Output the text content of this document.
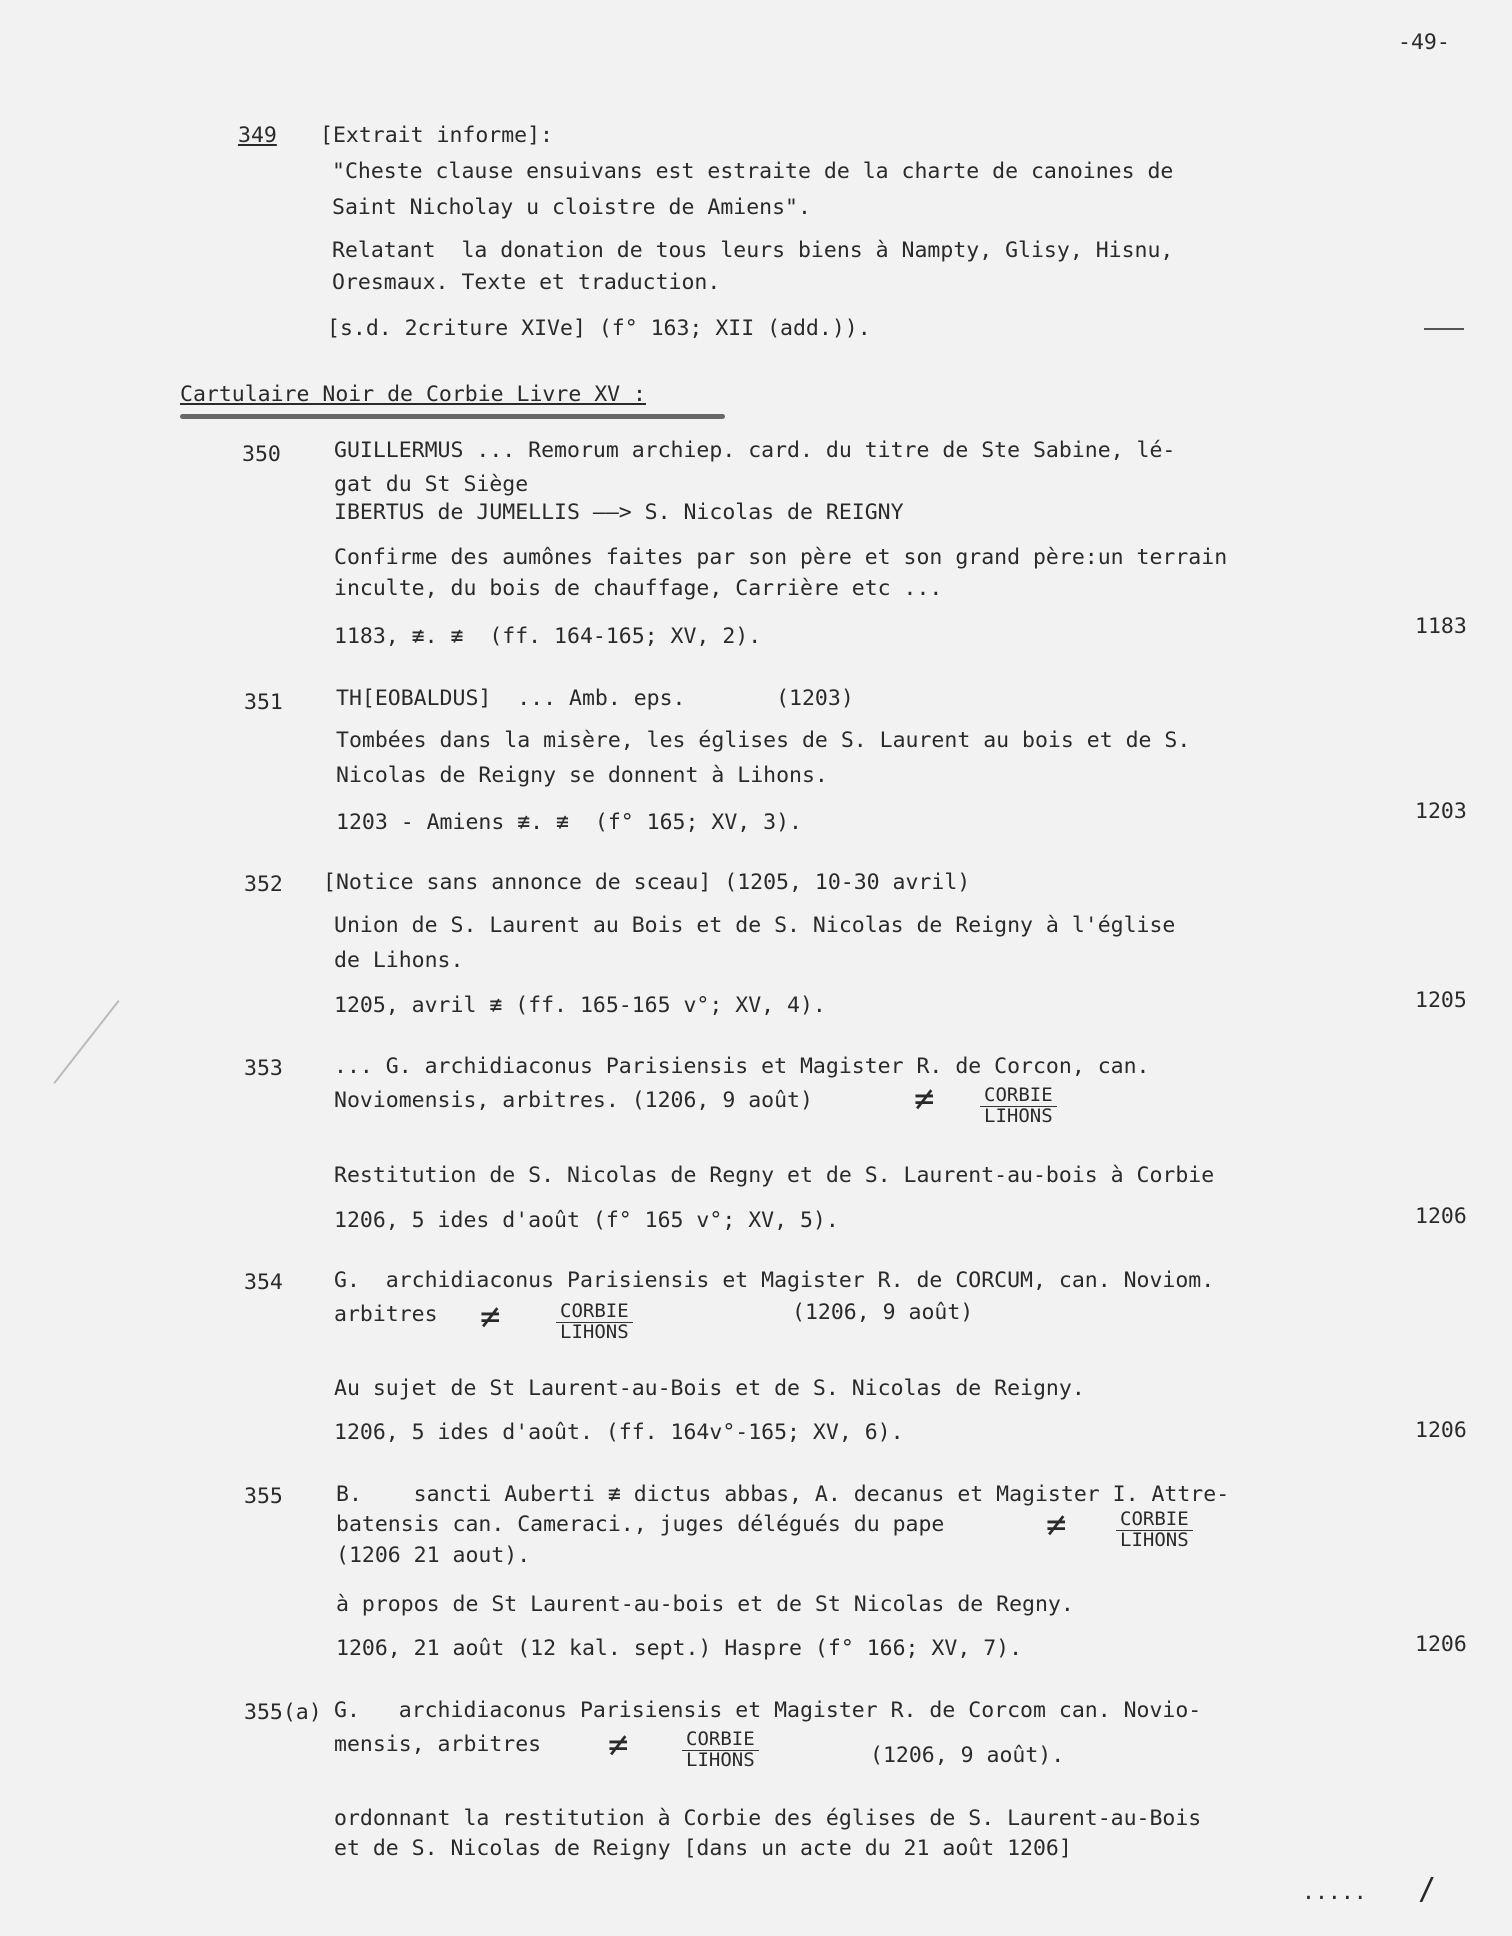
-49-
349 [Extrait informe]:
"Cheste clause ensuivans est estraite de la charte de canoines de
Saint Nicholay u cloistre de Amiens".
Relatant  la donation de tous leurs biens à Nampty, Glisy, Hisnu,
Oresmaux. Texte et traduction.
[s.d. 2criture XIVe] (f° 163; XII (add.)).
Cartulaire Noir de Corbie Livre XV :
350 GUILLERMUS ... Remorum archiep. card. du titre de Ste Sabine, lé-
gat du St Siège
IBERTUS de JUMELLIS ——> S. Nicolas de REIGNY
Confirme des aumônes faites par son père et son grand père:un terrain
inculte, du bois de chauffage, Carrière etc ...
1183, ≢. ≢  (ff. 164-165; XV, 2).	1183
351 TH[EOBALDUS]  ... Amb. eps.       (1203)
Tombées dans la misère, les églises de S. Laurent au bois et de S.
Nicolas de Reigny se donnent à Lihons.
1203 - Amiens ≢. ≢  (f° 165; XV, 3).	1203
352 [Notice sans annonce de sceau] (1205, 10-30 avril)
Union de S. Laurent au Bois et de S. Nicolas de Reigny à l'église
de Lihons.
1205, avril ≢ (ff. 165-165 v°; XV, 4).	1205
353 ... G. archidiaconus Parisiensis et Magister R. de Corcon, can.
Noviomensis, arbitres. (1206, 9 août)	≠	CORBIE
LIHONS
Restitution de S. Nicolas de Regny et de S. Laurent-au-bois à Corbie
1206, 5 ides d'août (f° 165 v°; XV, 5).	1206
354 G.  archidiaconus Parisiensis et Magister R. de CORCUM, can. Noviom.
arbitres ≠	CORBIE
LIHONS
(1206, 9 août)
Au sujet de St Laurent-au-Bois et de S. Nicolas de Reigny.
1206, 5 ides d'août. (ff. 164v°-165; XV, 6).	1206
355 B.    sancti Auberti ≢ dictus abbas, A. decanus et Magister I. Attre-
batensis can. Cameraci., juges délégués du pape	≠	CORBIE
LIHONS
(1206 21 aout).
à propos de St Laurent-au-bois et de St Nicolas de Regny.
1206, 21 août (12 kal. sept.) Haspre (f° 166; XV, 7).	1206
355(a) G.   archidiaconus Parisiensis et Magister R. de Corcom can. Novio-
mensis, arbitres ≠	CORBIE
LIHONS	(1206, 9 août).
ordonnant la restitution à Corbie des églises de S. Laurent-au-Bois
et de S. Nicolas de Reigny [dans un acte du 21 août 1206]
..... /
